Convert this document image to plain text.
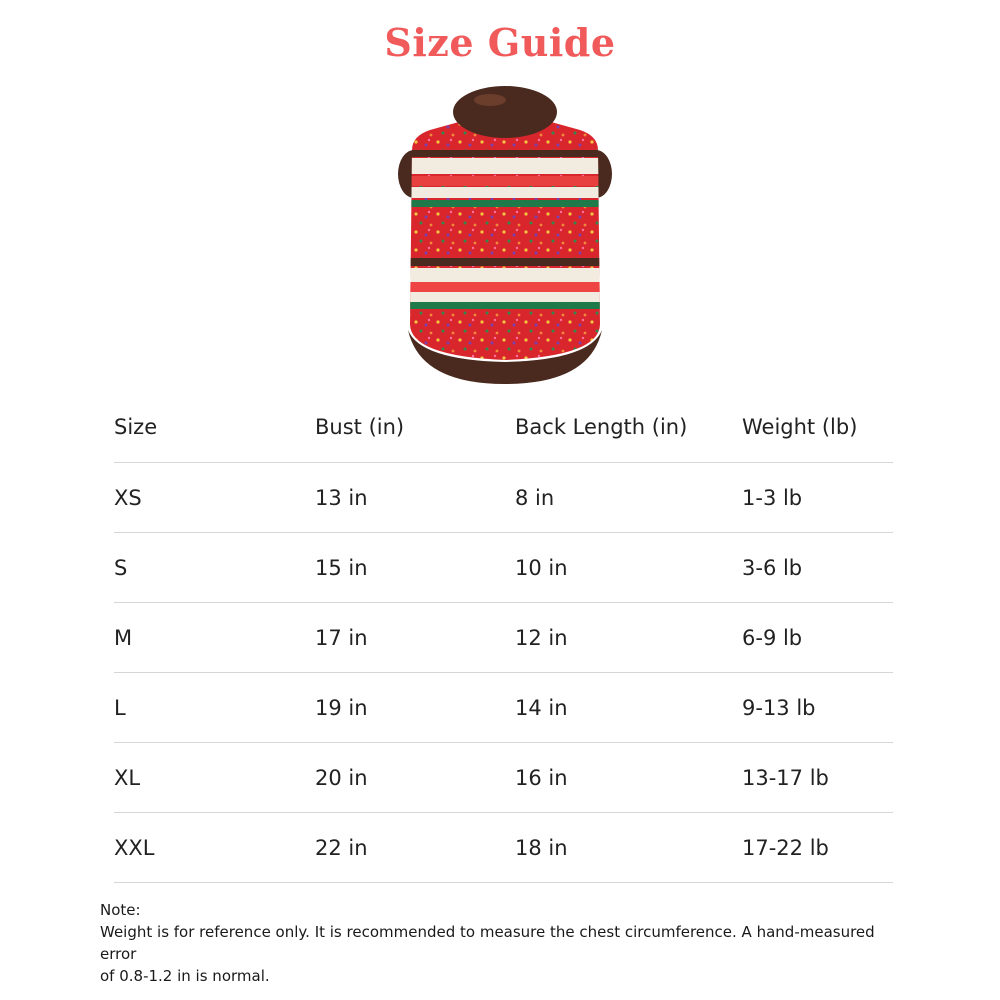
Size Guide
Size	Bust (in)	Back Length (in)	Weight (lb)
XS	13 in	8 in	1-3 lb
S	15 in	10 in	3-6 lb
M	17 in	12 in	6-9 lb
L	19 in	14 in	9-13 lb
XL	20 in	16 in	13-17 lb
XXL	22 in	18 in	17-22 lb
Note:
Weight is for reference only. It is recommended to measure the chest circumference. A hand-measured error
of 0.8-1.2 in is normal.
